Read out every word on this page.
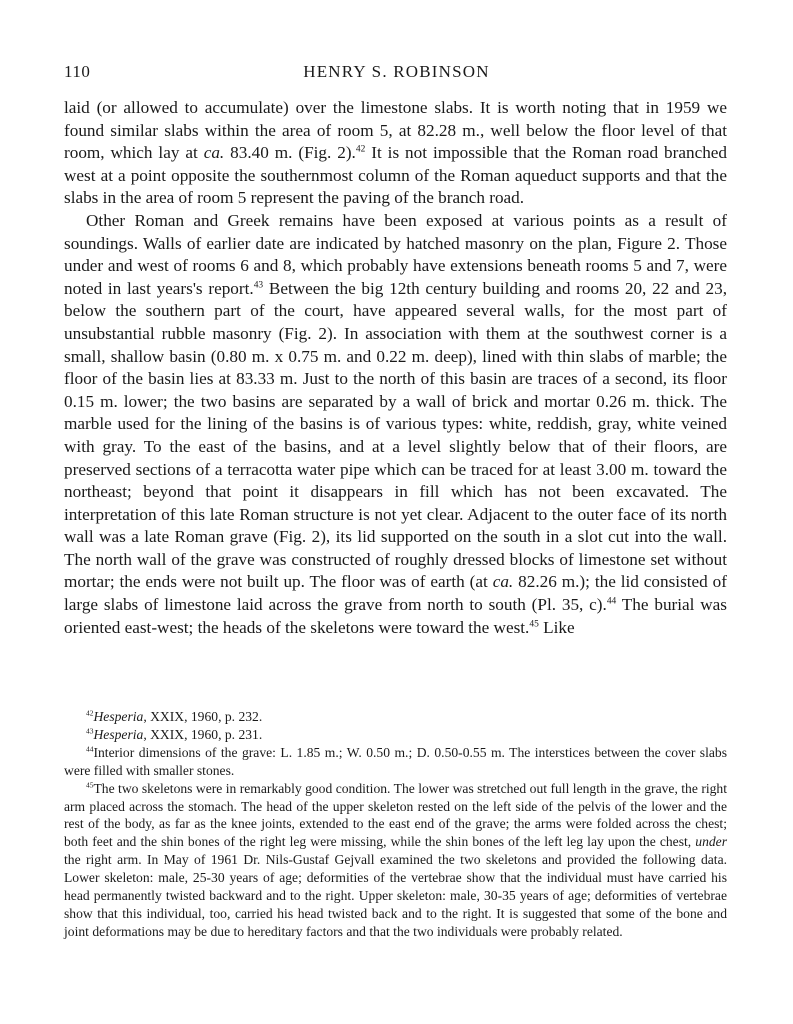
110	HENRY S. ROBINSON

laid (or allowed to accumulate) over the limestone slabs. It is worth noting that in 1959 we found similar slabs within the area of room 5, at 82.28 m., well below the floor level of that room, which lay at ca. 83.40 m. (Fig. 2).$^{42}$ It is not impossible that the Roman road branched west at a point opposite the southernmost column of the Roman aqueduct supports and that the slabs in the area of room 5 represent the paving of the branch road.

Other Roman and Greek remains have been exposed at various points as a result of soundings. Walls of earlier date are indicated by hatched masonry on the plan, Figure 2. Those under and west of rooms 6 and 8, which probably have extensions beneath rooms 5 and 7, were noted in last years's report.$^{43}$ Between the big 12th century building and rooms 20, 22 and 23, below the southern part of the court, have appeared several walls, for the most part of unsubstantial rubble masonry (Fig. 2). In association with them at the southwest corner is a small, shallow basin (0.80 m. x 0.75 m. and 0.22 m. deep), lined with thin slabs of marble; the floor of the basin lies at 83.33 m. Just to the north of this basin are traces of a second, its floor 0.15 m. lower; the two basins are separated by a wall of brick and mortar 0.26 m. thick. The marble used for the lining of the basins is of various types: white, reddish, gray, white veined with gray. To the east of the basins, and at a level slightly below that of their floors, are preserved sections of a terracotta water pipe which can be traced for at least 3.00 m. toward the northeast; beyond that point it disappears in fill which has not been excavated. The interpretation of this late Roman structure is not yet clear. Adjacent to the outer face of its north wall was a late Roman grave (Fig. 2), its lid supported on the south in a slot cut into the wall. The north wall of the grave was constructed of roughly dressed blocks of limestone set without mortar; the ends were not built up. The floor was of earth (at ca. 82.26 m.); the lid consisted of large slabs of limestone laid across the grave from north to south (Pl. 35, c).$^{44}$ The burial was oriented east-west; the heads of the skeletons were toward the west.$^{45}$ Like

$^{42}$Hesperia, XXIX, 1960, p. 232.

$^{43}$Hesperia, XXIX, 1960, p. 231.

$^{44}$Interior dimensions of the grave: L. 1.85 m.; W. 0.50 m.; D. 0.50-0.55 m. The interstices between the cover slabs were filled with smaller stones.

$^{45}$The two skeletons were in remarkably good condition. The lower was stretched out full length in the grave, the right arm placed across the stomach. The head of the upper skeleton rested on the left side of the pelvis of the lower and the rest of the body, as far as the knee joints, extended to the east end of the grave; the arms were folded across the chest; both feet and the shin bones of the right leg were missing, while the shin bones of the left leg lay upon the chest, under the right arm. In May of 1961 Dr. Nils-Gustaf Gejvall examined the two skeletons and provided the following data. Lower skeleton: male, 25-30 years of age; deformities of the vertebrae show that the individual must have carried his head permanently twisted backward and to the right. Upper skeleton: male, 30-35 years of age; deformities of vertebrae show that this individual, too, carried his head twisted back and to the right. It is suggested that some of the bone and joint deformations may be due to hereditary factors and that the two individuals were probably related.
